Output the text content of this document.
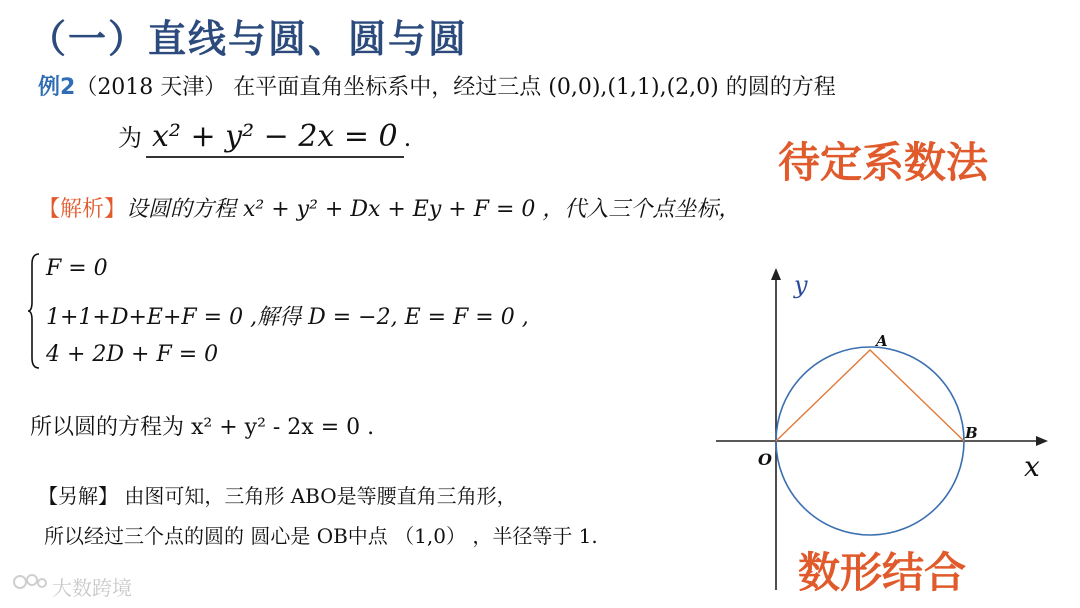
（一）直线与圆、圆与圆
例2（2018 天津） 在平面直角坐标系中，经过三点 (0,0),(1,1),(2,0) 的圆的方程
为 x² + y² − 2x = 0 .	待定系数法
【解析】设圆的方程 x² + y² + Dx + Ey + F = 0 ，代入三个点坐标，
F = 0
1+1+D+E+F = 0 ,解得 D = −2, E = F = 0 ,
4 + 2D + F = 0
所以圆的方程为 x² + y² - 2x = 0 .
【另解】 由图可知，三角形 ABO是等腰直角三角形，
所以经过三个点的圆的 圆心是 OB中点 （1,0） ，半径等于 1.
y
x
O
A
B
数形结合
大数跨境
